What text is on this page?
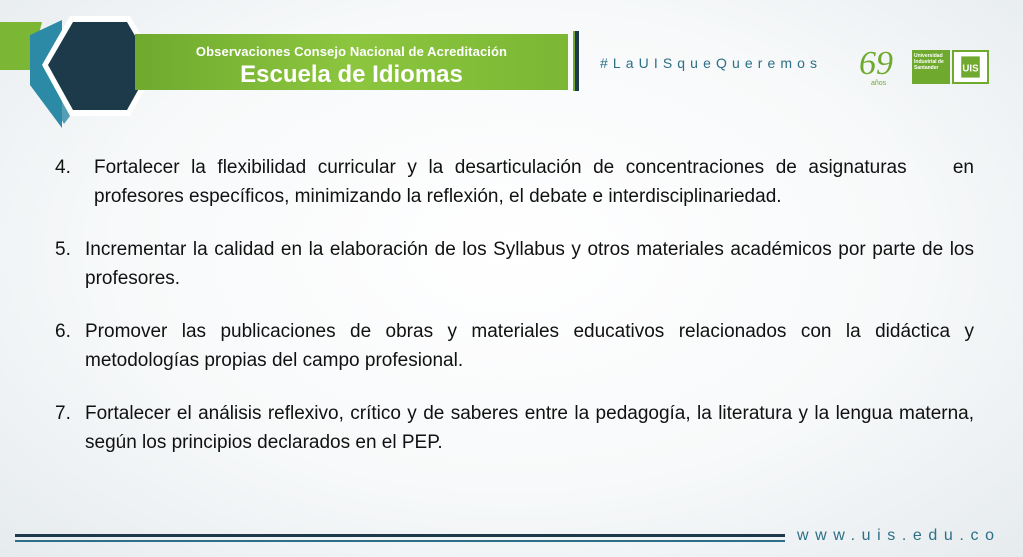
Observaciones Consejo Nacional de Acreditación
Escuela de Idiomas	#LaUISqueQueremos 69
años
Universidad Industrial de Santander	UIS
4.	Fortalecer la flexibilidad curricular y la desarticulación de concentraciones de asignaturas    en profesores específicos, minimizando la reflexión, el debate e interdisciplinariedad.
5. Incrementar la calidad en la elaboración de los Syllabus y otros materiales académicos por parte de los profesores.
6. Promover las publicaciones de obras y materiales educativos relacionados con la didáctica y metodologías propias del campo profesional.
7. Fortalecer el análisis reflexivo, crítico y de saberes entre la pedagogía, la literatura y la lengua materna, según los principios declarados en el PEP.
www.uis.edu.co
